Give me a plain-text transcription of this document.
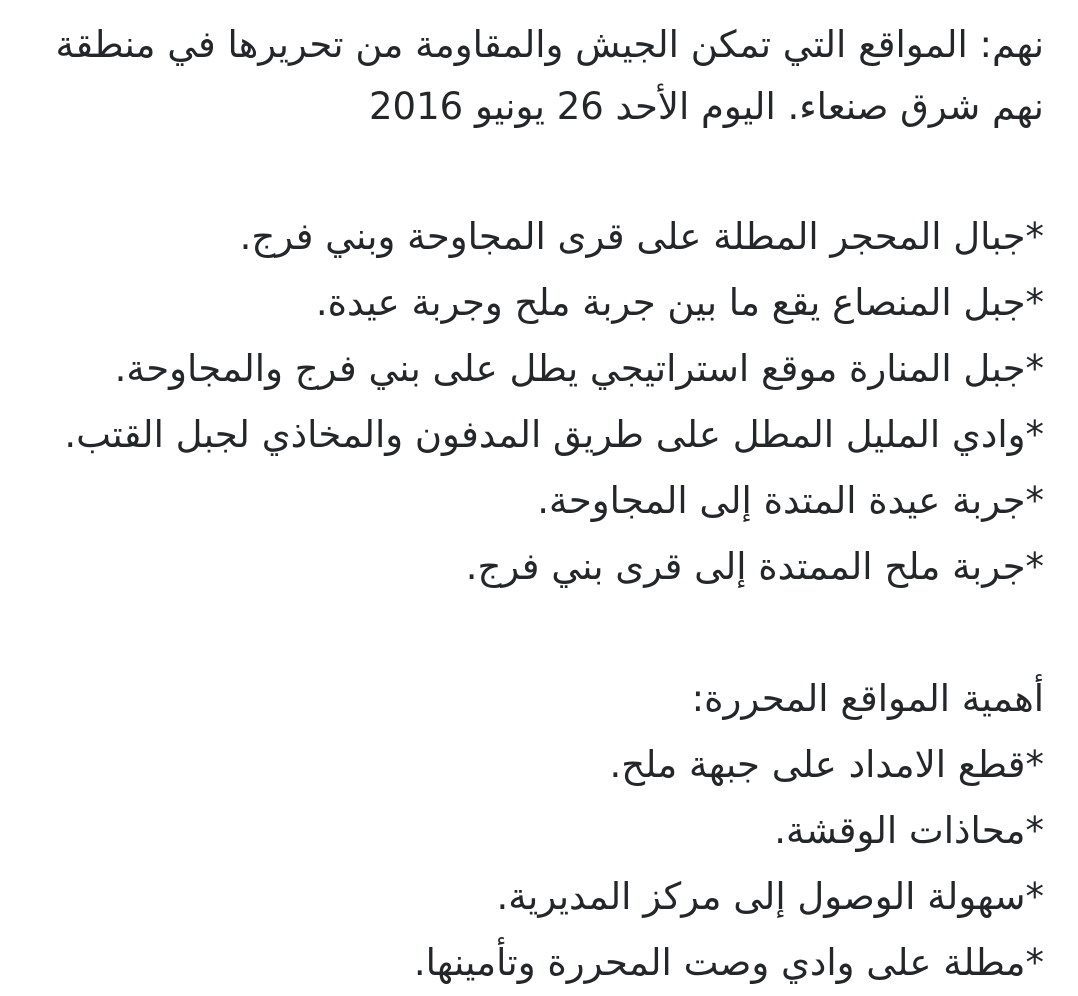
نهم: المواقع التي تمكن الجيش والمقاومة من تحريرها في منطقة
نهم شرق صنعاء. اليوم الأحد 26 يونيو 2016
*جبال المحجر المطلة على قرى المجاوحة وبني فرج.
*جبل المنصاع يقع ما بين جربة ملح وجربة عيدة.
*جبل المنارة موقع استراتيجي يطل على بني فرج والمجاوحة.
*وادي المليل المطل على طريق المدفون والمخاذي لجبل القتب.
*جربة عيدة المتدة إلى المجاوحة.
*جربة ملح الممتدة إلى قرى بني فرج.
أهمية المواقع المحررة:
*قطع الامداد على جبهة ملح.
*محاذات الوقشة.
*سهولة الوصول إلى مركز المديرية.
*مطلة على وادي وصت المحررة وتأمينها.
